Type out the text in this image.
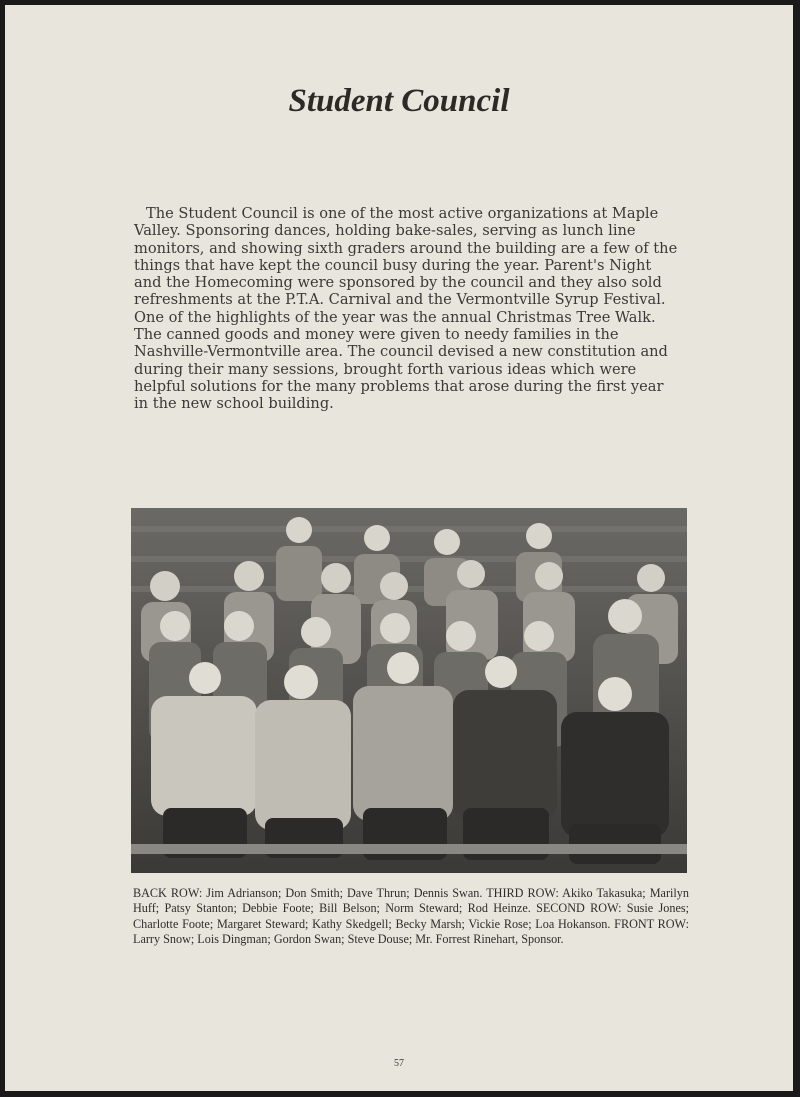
Student Council

The Student Council is one of the most active organizations at Maple Valley. Sponsoring dances, holding bake-sales, serving as lunch line monitors, and showing sixth graders around the building are a few of the things that have kept the council busy during the year. Parent's Night and the Homecoming were sponsored by the council and they also sold refreshments at the P.T.A. Carnival and the Vermontville Syrup Festival. One of the highlights of the year was the annual Christmas Tree Walk. The canned goods and money were given to needy families in the Nashville-Vermontville area. The council devised a new constitution and during their many sessions, brought forth various ideas which were helpful solutions for the many problems that arose during the first year in the new school building.

BACK ROW: Jim Adrianson; Don Smith; Dave Thrun; Dennis Swan. THIRD ROW: Akiko Takasuka; Marilyn Huff; Patsy Stanton; Debbie Foote; Bill Belson; Norm Steward; Rod Heinze. SECOND ROW: Susie Jones; Charlotte Foote; Margaret Steward; Kathy Skedgell; Becky Marsh; Vickie Rose; Loa Hokanson. FRONT ROW: Larry Snow; Lois Dingman; Gordon Swan; Steve Douse; Mr. Forrest Rinehart, Sponsor.

57
